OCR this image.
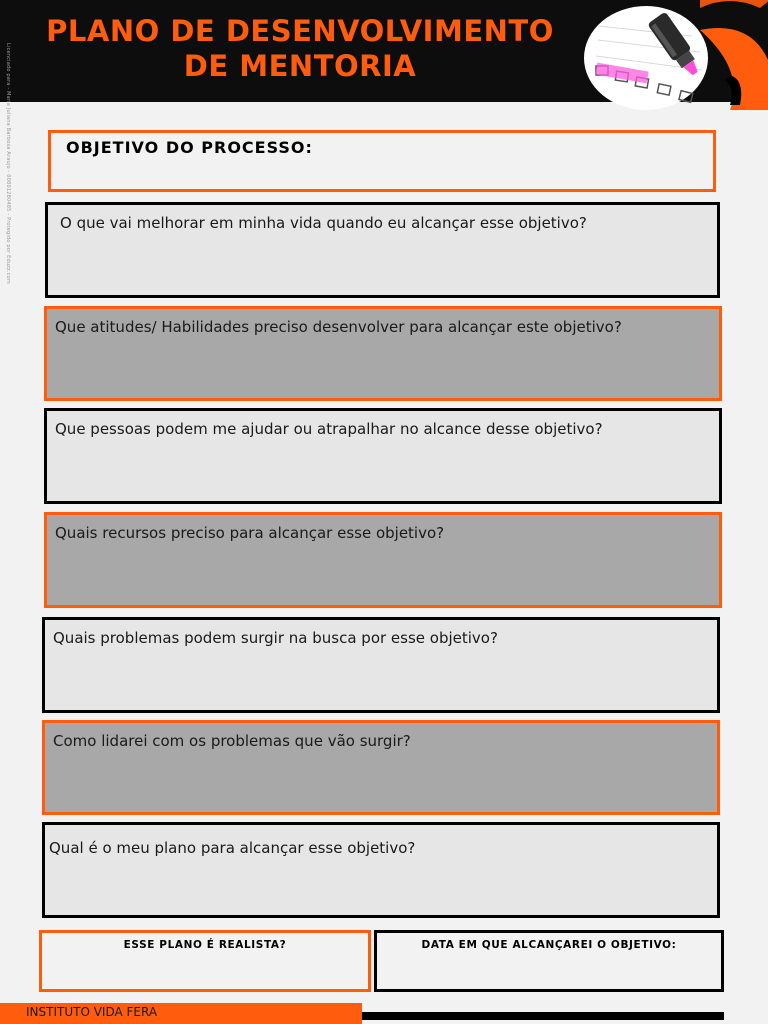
PLANO DE DESENVOLVIMENTO
DE MENTORIA
Licenciado para - Maria Juliana Barbosa Araujo - 00801280485 - Protegido por Eduzz.com	OBJETIVO DO PROCESSO:
O que vai melhorar em minha vida quando eu alcançar esse objetivo?
Que atitudes/ Habilidades preciso desenvolver para alcançar este objetivo?
Que pessoas podem me ajudar ou atrapalhar no alcance desse objetivo?
Quais recursos preciso para alcançar esse objetivo?
Quais problemas podem surgir na busca por esse objetivo?
Como lidarei com os problemas que vão surgir?
Qual é o meu plano para alcançar esse objetivo?
ESSE PLANO É REALISTA?	DATA EM QUE ALCANÇAREI O OBJETIVO:
INSTITUTO VIDA FERA
